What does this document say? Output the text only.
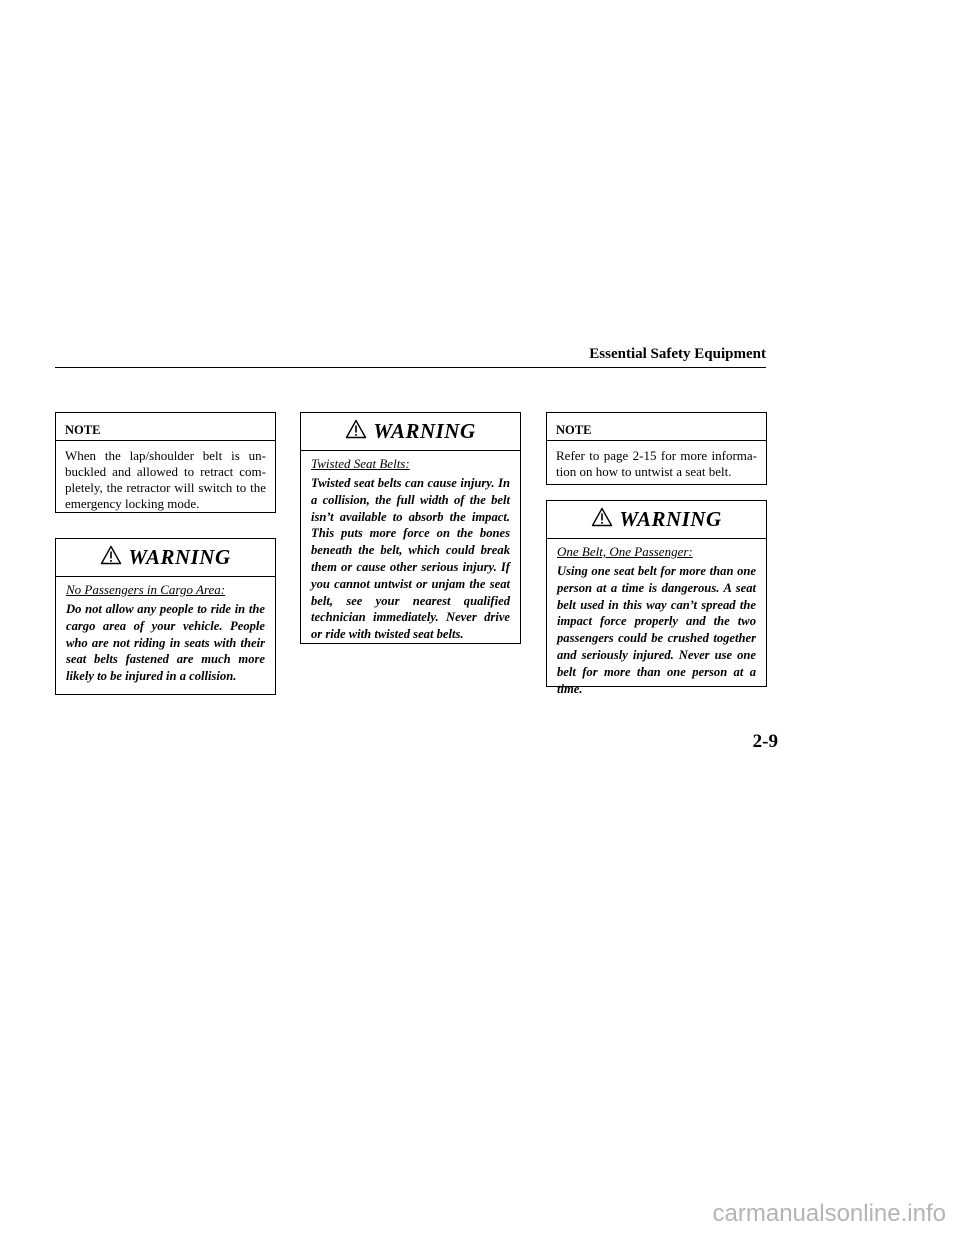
Essential Safety Equipment
NOTE
When the lap/shoulder belt is unbuckled and allowed to retract completely, the retractor will switch to the emergency locking mode.
WARNING
No Passengers in Cargo Area:
Do not allow any people to ride in the cargo area of your vehicle. People who are not riding in seats with their seat belts fastened are much more likely to be injured in a collision.
WARNING
Twisted Seat Belts:
Twisted seat belts can cause injury. In a collision, the full width of the belt isn’t available to absorb the impact. This puts more force on the bones beneath the belt, which could break them or cause other serious injury. If you cannot untwist or unjam the seat belt, see your nearest qualified technician immediately. Never drive or ride with twisted seat belts.
NOTE
Refer to page 2-15 for more information on how to untwist a seat belt.
WARNING
One Belt, One Passenger:
Using one seat belt for more than one person at a time is dangerous. A seat belt used in this way can’t spread the impact force properly and the two passengers could be crushed together and seriously injured. Never use one belt for more than one person at a time.
2-9
carmanualsonline.info
